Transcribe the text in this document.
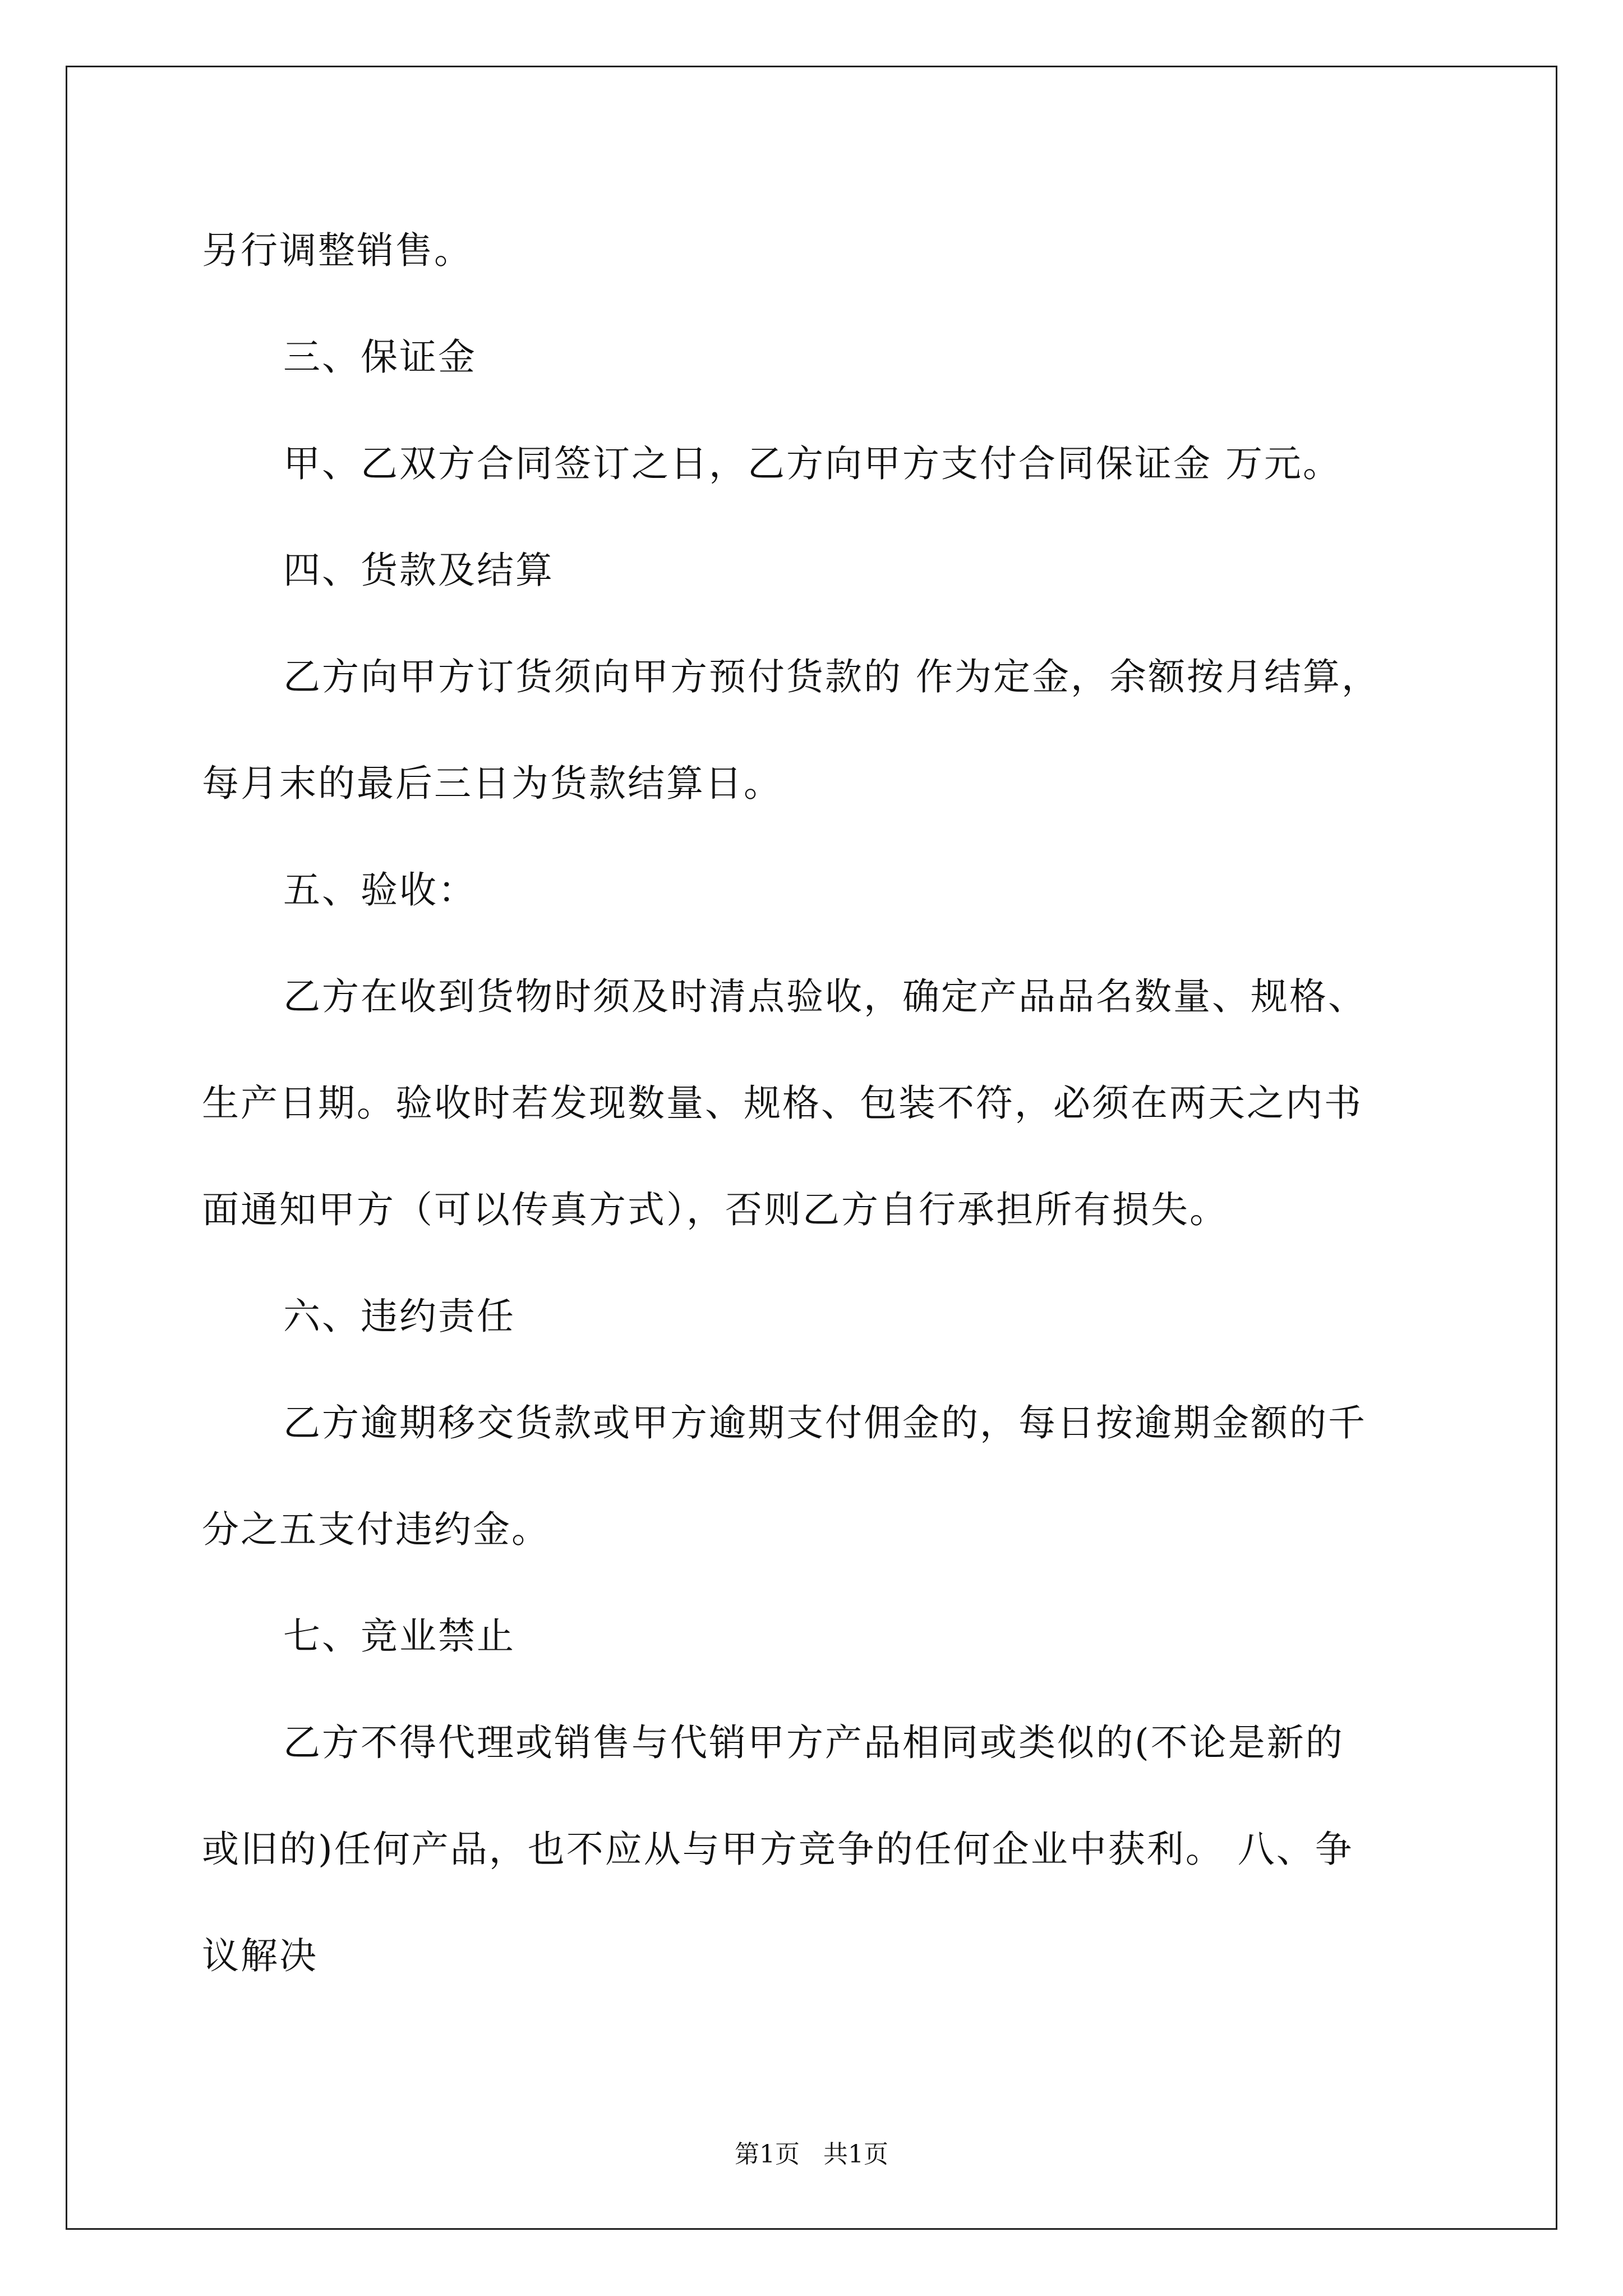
另行调整销售。
三、保证金
甲、乙双方合同签订之日，乙方向甲方支付合同保证金 万元。
四、货款及结算
乙方向甲方订货须向甲方预付货款的 作为定金，余额按月结算，
每月末的最后三日为货款结算日。
五、验收：
乙方在收到货物时须及时清点验收，确定产品品名数量、规格、
生产日期。验收时若发现数量、规格、包装不符，必须在两天之内书
面通知甲方（可以传真方式），否则乙方自行承担所有损失。
六、违约责任
乙方逾期移交货款或甲方逾期支付佣金的，每日按逾期金额的千
分之五支付违约金。
七、竞业禁止
乙方不得代理或销售与代销甲方产品相同或类似的(不论是新的
或旧的)任何产品，也不应从与甲方竞争的任何企业中获利。 八、争
议解决
第1页   共1页
